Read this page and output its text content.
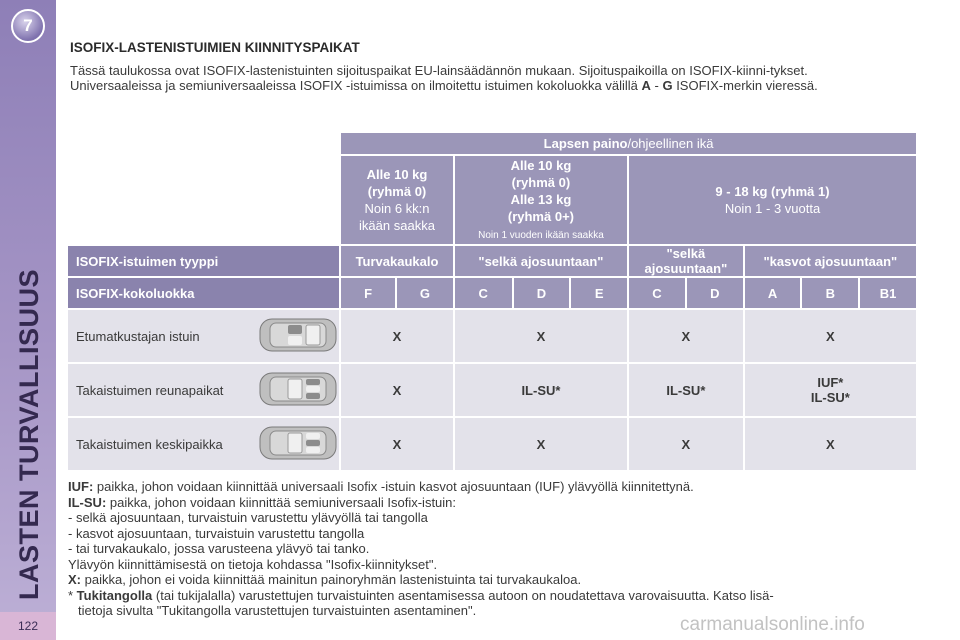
7
LASTEN TURVALLISUUS
122
ISOFIX-LASTENISTUIMIEN KIINNITYSPAIKAT

Tässä taulukossa ovat ISOFIX-lastenistuinten sijoituspaikat EU-lainsäädännön mukaan. Sijoituspaikoilla on ISOFIX-kiinni-tykset.

Universaaleissa ja semiuniversaaleissa ISOFIX -istuimissa on ilmoitettu istuimen kokoluokka välillä A - G ISOFIX-merkin vieressä.

	Lapsen paino/ohjeellinen ikä									
	Alle 10 kg
(ryhmä 0)
Noin 6 kk:n
ikään saakka		Alle 10 kg
(ryhmä 0)
Alle 13 kg
(ryhmä 0+)
Noin 1 vuoden ikään saakka			9 - 18 kg (ryhmä 1)
Noin 1 - 3 vuotta				
ISOFIX-istuimen tyyppi	Turvakaukalo		"selkä ajosuuntaan"			"selkä ajosuuntaan"		"kasvot ajosuuntaan"		
ISOFIX-kokoluokka	F	G	C	D	E	C	D	A	B	B1
Etumatkustajan istuin	X		X			X		X		
Takaistuimen reunapaikat	X		IL-SU*			IL-SU*		IUF*
IL-SU*		
Takaistuimen keskipaikka	X		X			X		X		
IUF: paikka, johon voidaan kiinnittää universaali Isofix -istuin kasvot ajosuuntaan (IUF) ylävyöllä kiinnitettynä.
IL-SU: paikka, johon voidaan kiinnittää semiuniversaali Isofix-istuin:
- selkä ajosuuntaan, turvaistuin varustettu ylävyöllä tai tangolla
- kasvot ajosuuntaan, turvaistuin varustettu tangolla
- tai turvakaukalo, jossa varusteena ylävyö tai tanko.
Ylävyön kiinnittämisestä on tietoja kohdassa "Isofix-kiinnitykset".
X: paikka, johon ei voida kiinnittää mainitun painoryhmän lastenistuinta tai turvakaukaloa.
* Tukitangolla (tai tukijalalla) varustettujen turvaistuinten asentamisessa autoon on noudatettava varovaisuutta. Katso lisä-
tietoja sivulta "Tukitangolla varustettujen turvaistuinten asentaminen".
carmanualsonline.info
